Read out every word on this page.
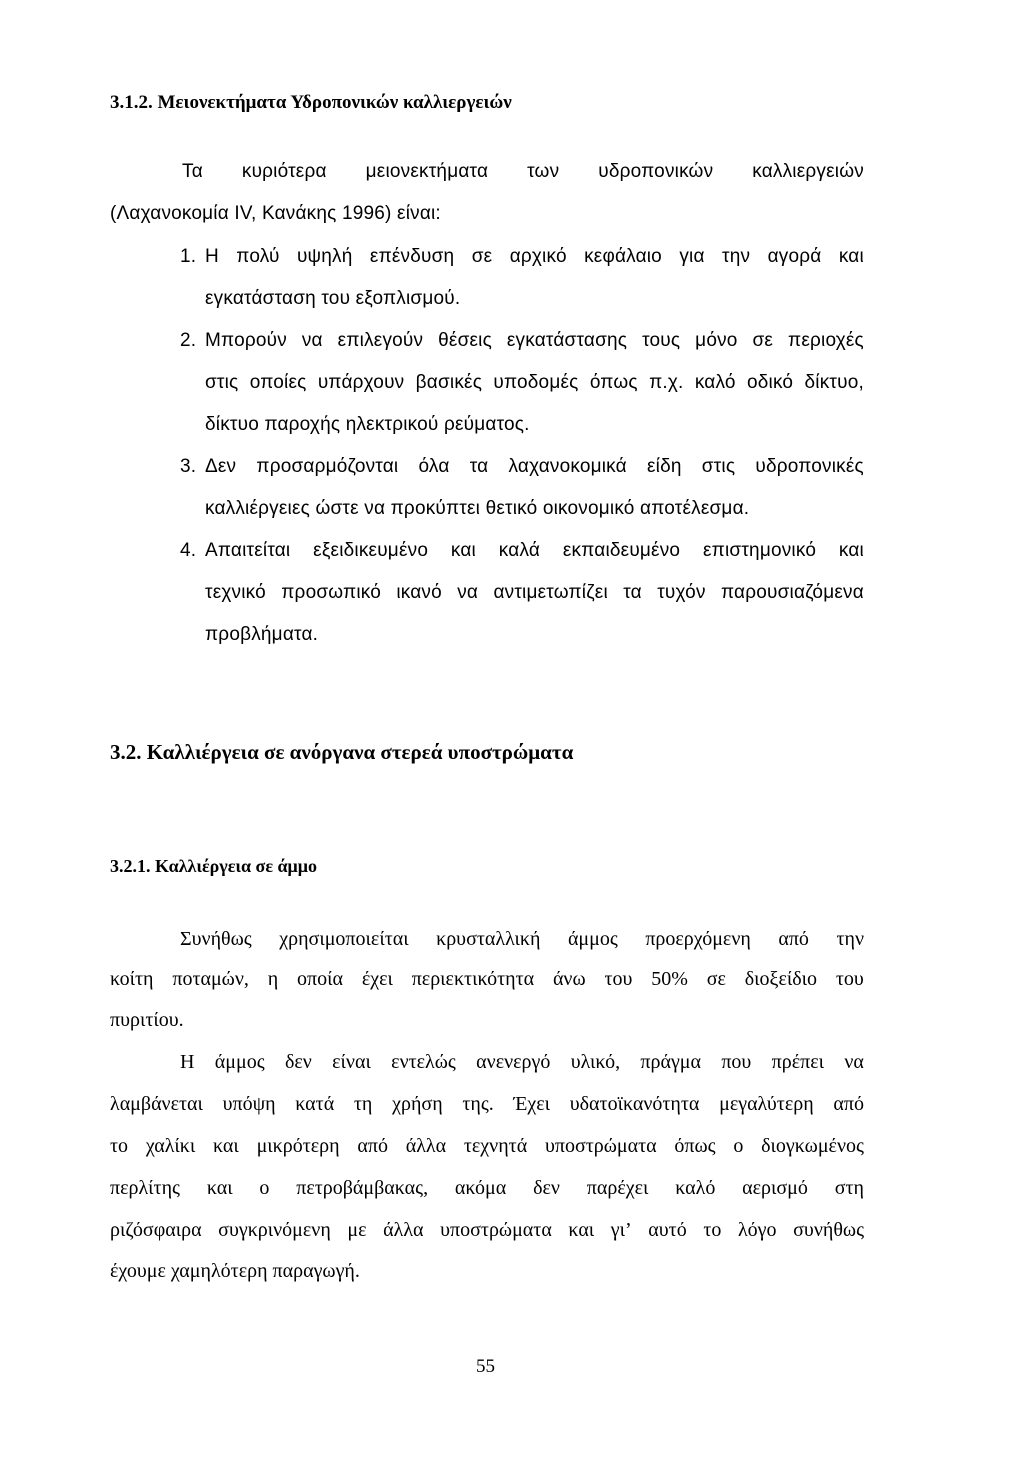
3.1.2. Μειονεκτήματα Υδροπονικών καλλιεργειών
Τα κυριότερα μειονεκτήματα των υδροπονικών καλλιεργειών
(Λαχανοκομία IV, Κανάκης 1996) είναι:
1. Η πολύ υψηλή επένδυση σε αρχικό κεφάλαιο για την αγορά και
εγκατάσταση του εξοπλισμού.
2. Μπορούν να επιλεγούν θέσεις εγκατάστασης τους μόνο σε περιοχές
στις οποίες υπάρχουν βασικές υποδομές όπως π.χ. καλό οδικό δίκτυο,
δίκτυο παροχής ηλεκτρικού ρεύματος.
3. Δεν προσαρμόζονται όλα τα λαχανοκομικά είδη στις υδροπονικές
καλλιέργειες ώστε να προκύπτει θετικό οικονομικό αποτέλεσμα.
4. Απαιτείται εξειδικευμένο και καλά εκπαιδευμένο επιστημονικό και
τεχνικό προσωπικό ικανό να αντιμετωπίζει τα τυχόν παρουσιαζόμενα
προβλήματα.
3.2. Καλλιέργεια σε ανόργανα στερεά υποστρώματα
3.2.1. Καλλιέργεια σε άμμο
Συνήθως χρησιμοποιείται κρυσταλλική άμμος προερχόμενη από την
κοίτη ποταμών, η οποία έχει περιεκτικότητα άνω του 50% σε διοξείδιο του
πυριτίου.
Η άμμος δεν είναι εντελώς ανενεργό υλικό, πράγμα που πρέπει να
λαμβάνεται υπόψη κατά τη χρήση της. Έχει υδατοϊκανότητα μεγαλύτερη από
το χαλίκι και μικρότερη από άλλα τεχνητά υποστρώματα όπως ο διογκωμένος
περλίτης και ο πετροβάμβακας, ακόμα δεν παρέχει καλό αερισμό στη
ριζόσφαιρα συγκρινόμενη με άλλα υποστρώματα και γι’ αυτό το λόγο συνήθως
έχουμε χαμηλότερη παραγωγή.
55
